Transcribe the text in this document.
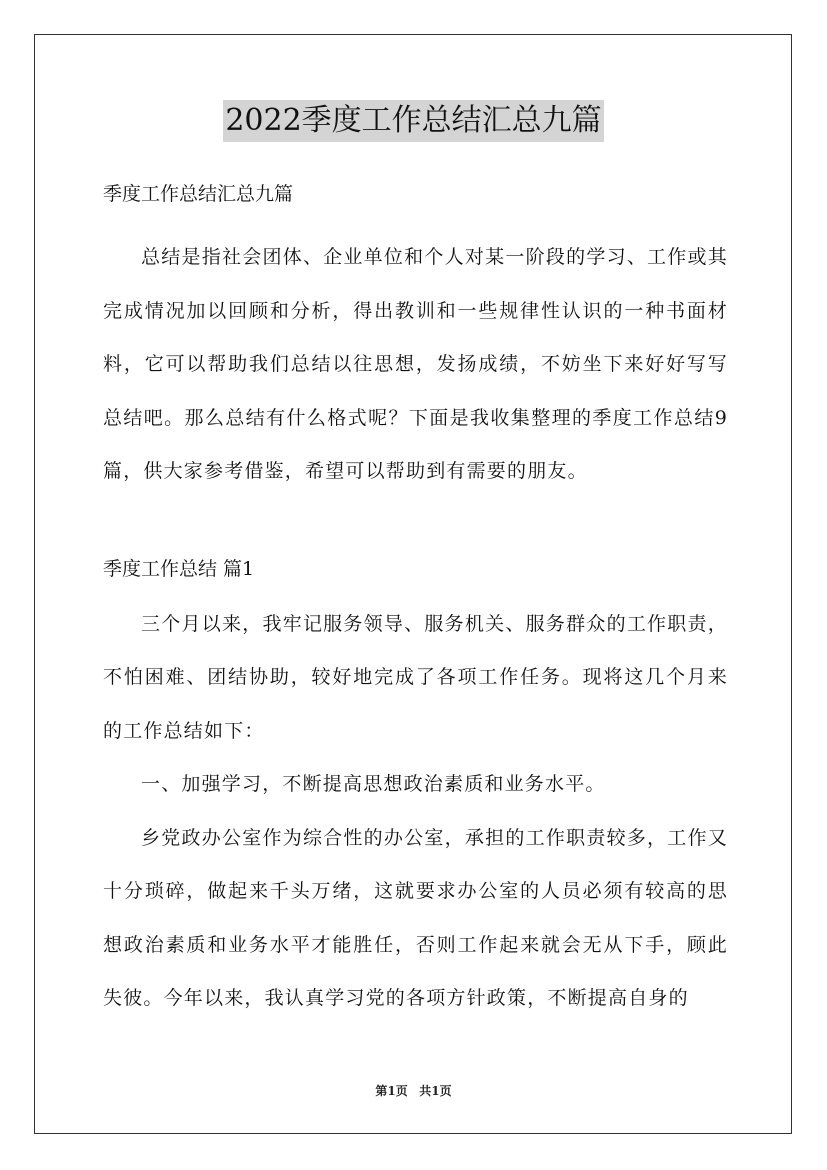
2022季度工作总结汇总九篇
季度工作总结汇总九篇

总结是指社会团体、企业单位和个人对某一阶段的学习、工作或其完成情况加以回顾和分析，得出教训和一些规律性认识的一种书面材料，它可以帮助我们总结以往思想，发扬成绩，不妨坐下来好好写写总结吧。那么总结有什么格式呢？下面是我收集整理的季度工作总结9篇，供大家参考借鉴，希望可以帮助到有需要的朋友。

季度工作总结 篇1

三个月以来，我牢记服务领导、服务机关、服务群众的工作职责，不怕困难、团结协助，较好地完成了各项工作任务。现将这几个月来的工作总结如下：

一、加强学习，不断提高思想政治素质和业务水平。

乡党政办公室作为综合性的办公室，承担的工作职责较多，工作又十分琐碎，做起来千头万绪，这就要求办公室的人员必须有较高的思想政治素质和业务水平才能胜任，否则工作起来就会无从下手，顾此失彼。今年以来，我认真学习党的各项方针政策，不断提高自身的

第1页 共1页
